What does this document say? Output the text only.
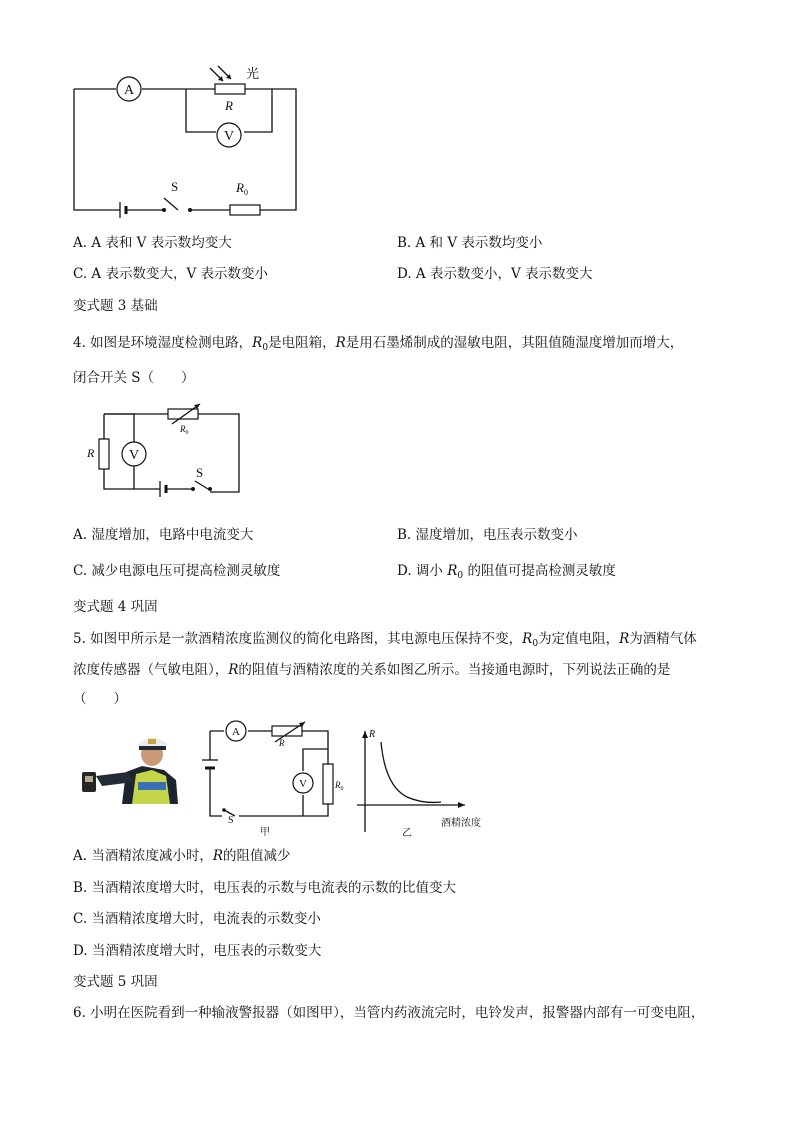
A
V
光
R
S	$R_0$
A. A 表和 V 表示数均变大	B. A 和 V 表示数均变小
C. A 表示数变大，V 表示数变小	D. A 表示数变小，V 表示数变大
变式题 3 基础
4. 如图是环境湿度检测电路，$R_0$是电阻箱，R是用石墨烯制成的湿敏电阻，其阻值随湿度增加而增大，
闭合开关 S（　　）
R V
$R_0$
S
A. 湿度增加，电路中电流变大	B. 湿度增加，电压表示数变小
C. 减少电源电压可提高检测灵敏度	D. 调小 $R_0$ 的阻值可提高检测灵敏度
变式题 4 巩固
5. 如图甲所示是一款酒精浓度监测仪的简化电路图，其电源电压保持不变，$R_0$为定值电阻，R为酒精气体
浓度传感器（气敏电阻），R的阻值与酒精浓度的关系如图乙所示。当接通电源时，下列说法正确的是
（　　）
A
R
V	$R_0$
S
甲
R
酒精浓度
乙
A. 当酒精浓度减小时，R的阻值减少
B. 当酒精浓度增大时，电压表的示数与电流表的示数的比值变大
C. 当酒精浓度增大时，电流表的示数变小
D. 当酒精浓度增大时，电压表的示数变大
变式题 5 巩固
6. 小明在医院看到一种输液警报器（如图甲），当管内药液流完时，电铃发声，报警器内部有一可变电阻，
